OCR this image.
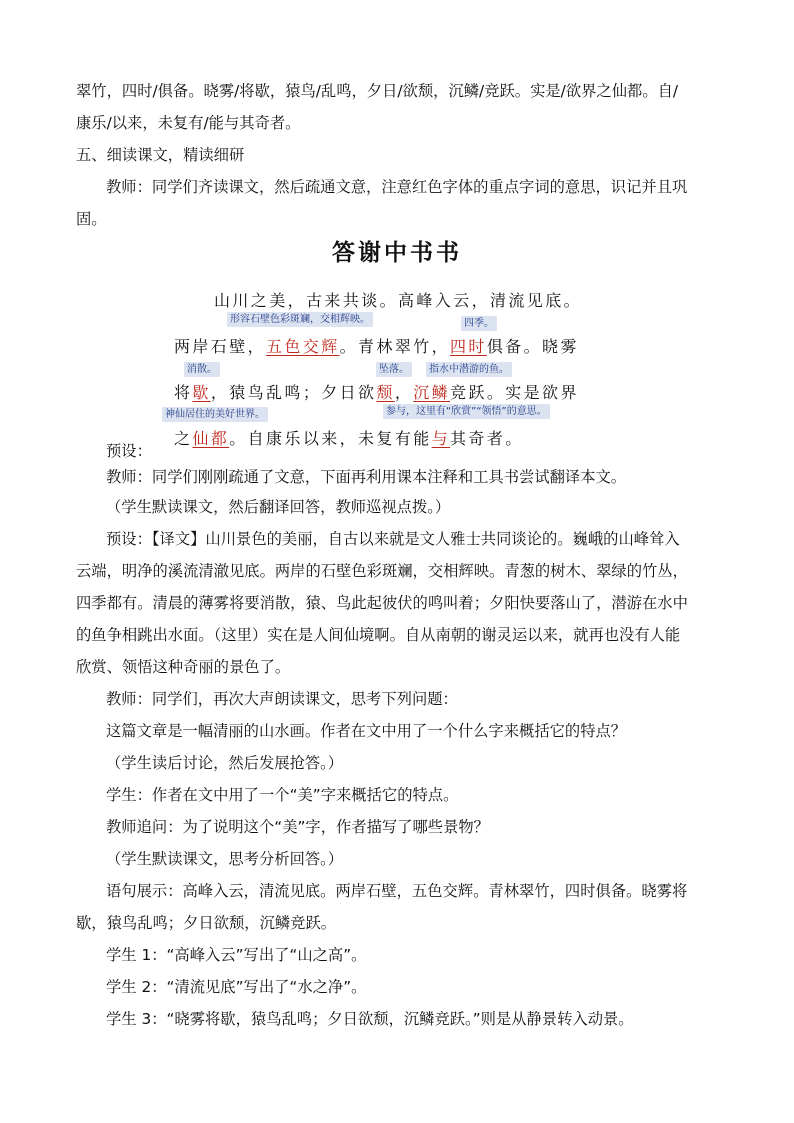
翠竹，四时/俱备。晓雾/将歇，猿鸟/乱鸣，夕日/欲颓，沉鳞/竞跃。实是/欲界之仙都。自/

康乐/以来，未复有/能与其奇者。

五、细读课文，精读细研

教师：同学们齐读课文，然后疏通文意，注意红色字体的重点字词的意思，识记并且巩

固。

答谢中书书
山川之美，古来共谈。高峰入云，清流见底。
形容石壁色彩斑斓，交相辉映。	四季。
两岸石壁，五色交辉。青林翠竹，四时俱备。晓雾
消散。	坠落。	指水中潜游的鱼。
将歇，猿鸟乱鸣；夕日欲颓，沉鳞竞跃。实是欲界
神仙居住的美好世界。	参与，这里有“欣赏”“领悟”的意思。
之仙都。自康乐以来，未复有能与其奇者。

预设：

教师：同学们刚刚疏通了文意，下面再利用课本注释和工具书尝试翻译本文。

（学生默读课文，然后翻译回答，教师巡视点拨。）

预设：【译文】山川景色的美丽，自古以来就是文人雅士共同谈论的。巍峨的山峰耸入

云端，明净的溪流清澈见底。两岸的石壁色彩斑斓，交相辉映。青葱的树木、翠绿的竹丛，

四季都有。清晨的薄雾将要消散，猿、鸟此起彼伏的鸣叫着；夕阳快要落山了，潜游在水中

的鱼争相跳出水面。（这里）实在是人间仙境啊。自从南朝的谢灵运以来，就再也没有人能

欣赏、领悟这种奇丽的景色了。

教师：同学们，再次大声朗读课文，思考下列问题：

这篇文章是一幅清丽的山水画。作者在文中用了一个什么字来概括它的特点？

（学生读后讨论，然后发展抢答。）

学生：作者在文中用了一个“美”字来概括它的特点。

教师追问：为了说明这个“美”字，作者描写了哪些景物？

（学生默读课文，思考分析回答。）

语句展示：高峰入云，清流见底。两岸石壁，五色交辉。青林翠竹，四时俱备。晓雾将

歇，猿鸟乱鸣；夕日欲颓，沉鳞竞跃。

学生 1：“高峰入云”写出了“山之高”。

学生 2：“清流见底”写出了“水之净”。

学生 3：“晓雾将歇，猿鸟乱鸣；夕日欲颓，沉鳞竞跃。”则是从静景转入动景。
